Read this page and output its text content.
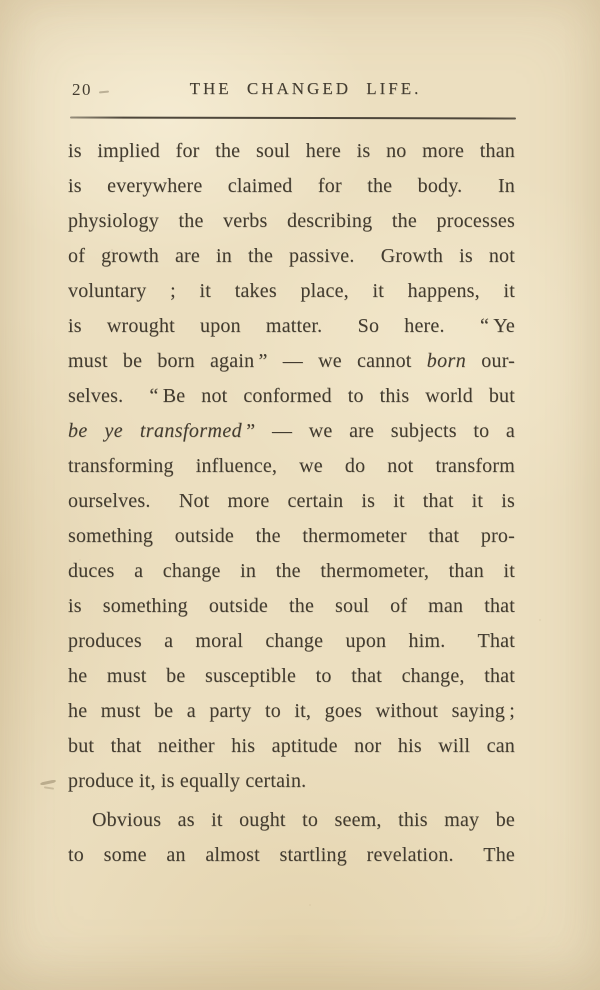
20	THE CHANGED LIFE.
is implied for the soul here is no more than
is everywhere claimed for the body.  In
physiology the verbs describing the processes
of growth are in the passive.  Growth is not
voluntary ; it takes place, it happens, it
is wrought upon matter.  So here.  “ Ye
must be born again ” — we cannot born our-
selves.  “ Be not conformed to this world but
be ye transformed ” — we are subjects to a
transforming influence, we do not transform
ourselves.  Not more certain is it that it is
something outside the thermometer that pro-
duces a change in the thermometer, than it
is something outside the soul of man that
produces a moral change upon him.  That
he must be susceptible to that change, that
he must be a party to it, goes without saying ;
but that neither his aptitude nor his will can
produce it, is equally certain.
Obvious as it ought to seem, this may be
to some an almost startling revelation.  The
